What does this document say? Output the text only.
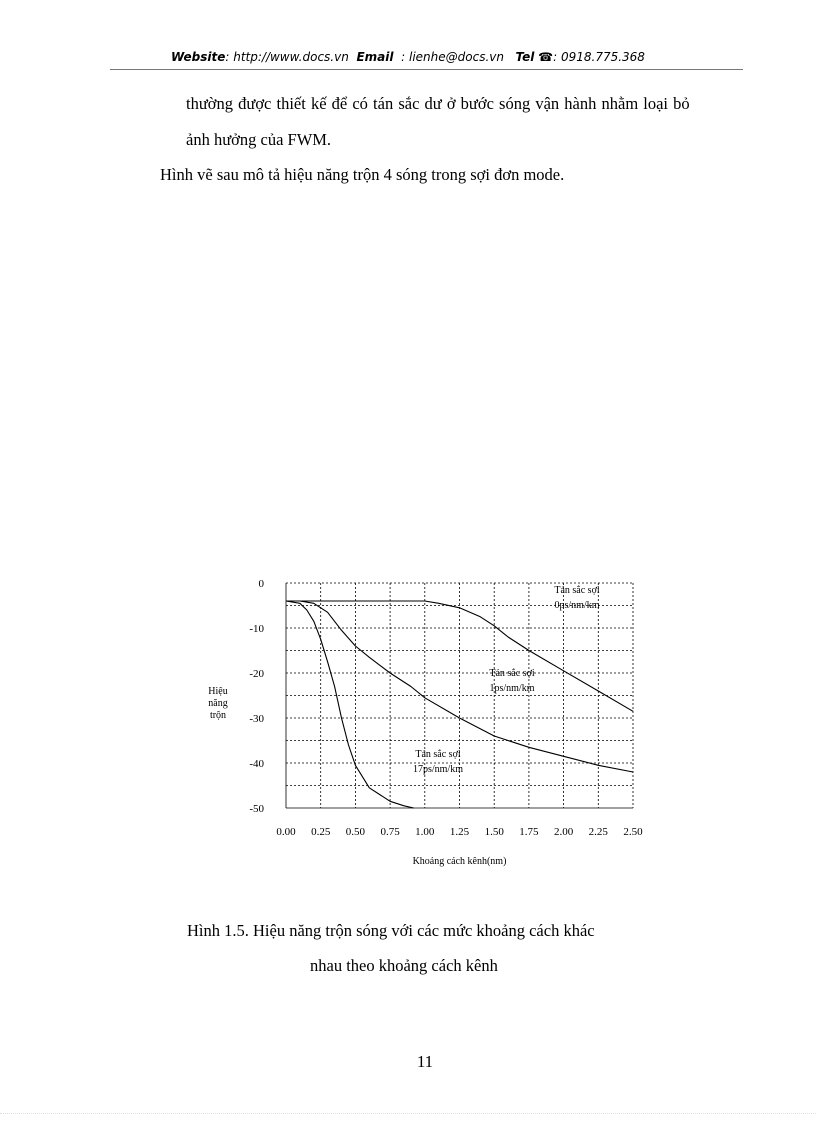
Website: http://www.docs.vn Email : lienhe@docs.vn Tel ☎: 0918.775.368
thường được thiết kế để có tán sắc dư ở bước sóng vận hành nhằm loại bỏ
ảnh hưởng của FWM.
Hình vẽ sau mô tả hiệu năng trộn 4 sóng trong sợi đơn mode.
0
-10
-20
-30
-40
-50
0.00 0.25 0.50 0.75 1.00 1.25 1.50 1.75 2.00 2.25 2.50
Khoảng cách kênh(nm)
Hiệu
năng
trộn
Tán sắc sợi
0ps/nm/km
Tán sắc sợi
1ps/nm/km
Tán sắc sợi
17ps/nm/km
Hình 1.5. Hiệu năng trộn sóng với các mức khoảng cách khác
nhau theo khoảng cách kênh
11
